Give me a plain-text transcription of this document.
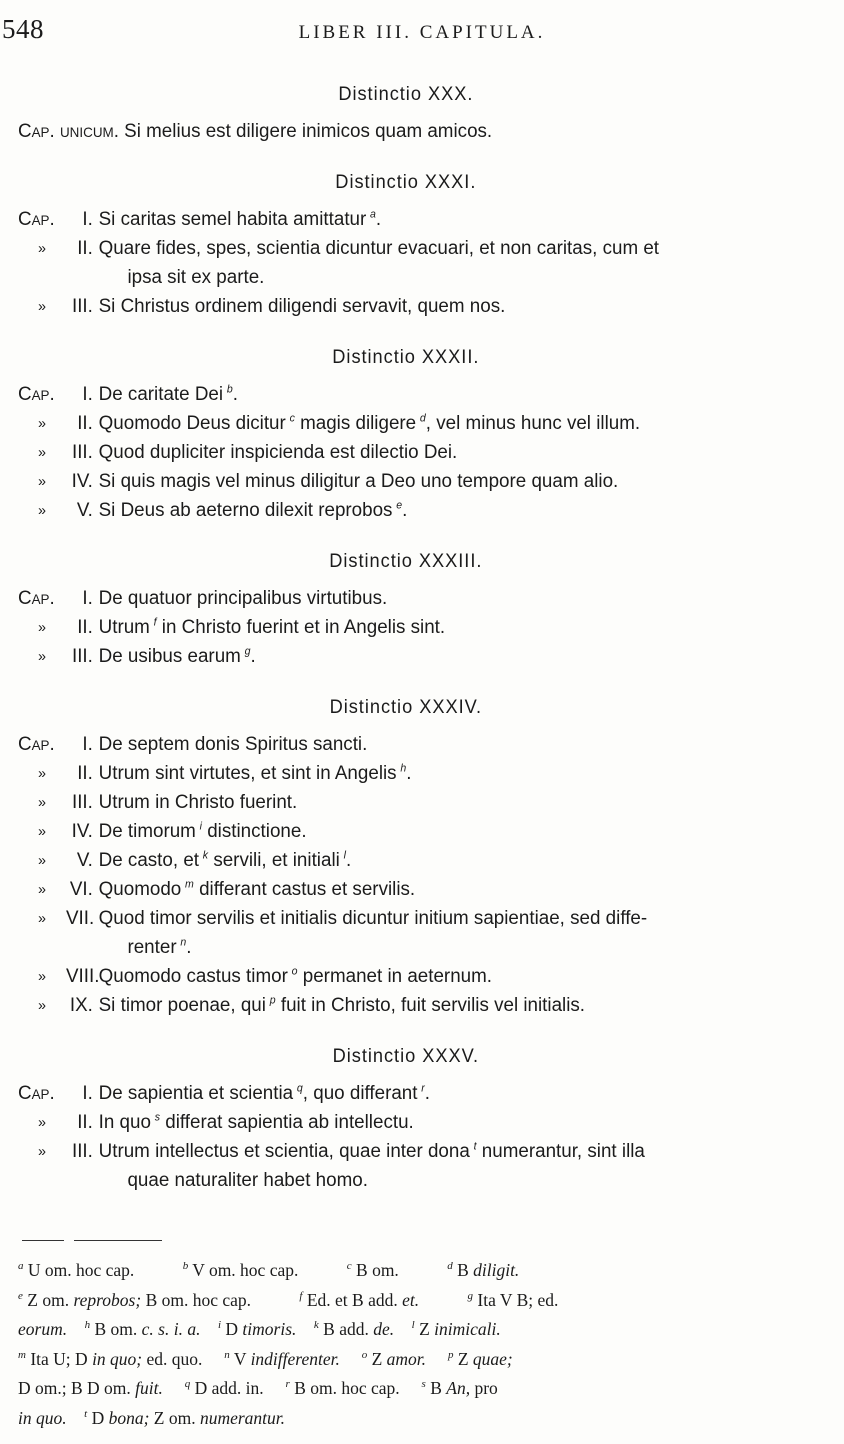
548	LIBER III. CAPITULA.
Distinctio XXX.
Cap. unicum. Si melius est diligere inimicos quam amicos.
Distinctio XXXI.
Cap.	I. Si caritas semel habita amittatur  $^a$.
»	II. Quare fides, spes, scientia dicuntur evacuari, et non caritas, cum et
ipsa sit ex parte.
»	III. Si Christus ordinem diligendi servavit, quem nos.
Distinctio XXXII.
Cap.	I. De caritate Dei  $^b$.
»	II. Quomodo Deus dicitur  $^c$ magis diligere  $^d$, vel minus hunc vel illum.
»	III. Quod dupliciter inspicienda est dilectio Dei.
»	IV. Si quis magis vel minus diligitur a Deo uno tempore quam alio.
»	V. Si Deus ab aeterno dilexit reprobos  $^e$.
Distinctio XXXIII.
Cap.	I. De quatuor principalibus virtutibus.
»	II. Utrum  $^f$ in Christo fuerint et in Angelis sint.
»	III. De usibus earum  $^g$.
Distinctio XXXIV.
Cap.	I. De septem donis Spiritus sancti.
»	II. Utrum sint virtutes, et sint in Angelis  $^h$.
»	III. Utrum in Christo fuerint.
»	IV. De timorum  $^i$ distinctione.
»	V. De casto, et  $^k$ servili, et initiali  $^l$.
»	VI. Quomodo  $^m$ differant castus et servilis.
»	VII. Quod timor servilis et initialis dicuntur initium sapientiae, sed diffe-
renter  $^n$.
»	VIII. Quomodo castus timor  $^o$ permanet in aeternum.
»	IX. Si timor poenae, qui  $^p$ fuit in Christo, fuit servilis vel initialis.
Distinctio XXXV.
Cap.	I. De sapientia et scientia  $^q$, quo differant  $^r$.
»	II. In quo  $^s$ differat sapientia ab intellectu.
»	III. Utrum intellectus et scientia, quae inter dona  $^t$ numerantur, sint illa
quae naturaliter habet homo.
$^a$ U om. hoc cap.	$^b$ V om. hoc cap.	$^c$ B om.	$^d$ B diligit.
$^e$ Z om. reprobos; B om. hoc cap.	$^f$ Ed. et B add. et.	$^g$ Ita V B; ed.
eorum. $^h$ B om. c. s. i. a. $^i$ D timoris. $^k$ B add. de. $^l$ Z inimicali.
$^m$ Ita U; D in quo; ed. quo. $^n$ V indifferenter. $^o$ Z amor. $^p$ Z quae;
D om.; B D om. fuit. $^q$ D add. in. $^r$ B om. hoc cap. $^s$ B An, pro
in quo. $^t$ D bona; Z om. numerantur.
